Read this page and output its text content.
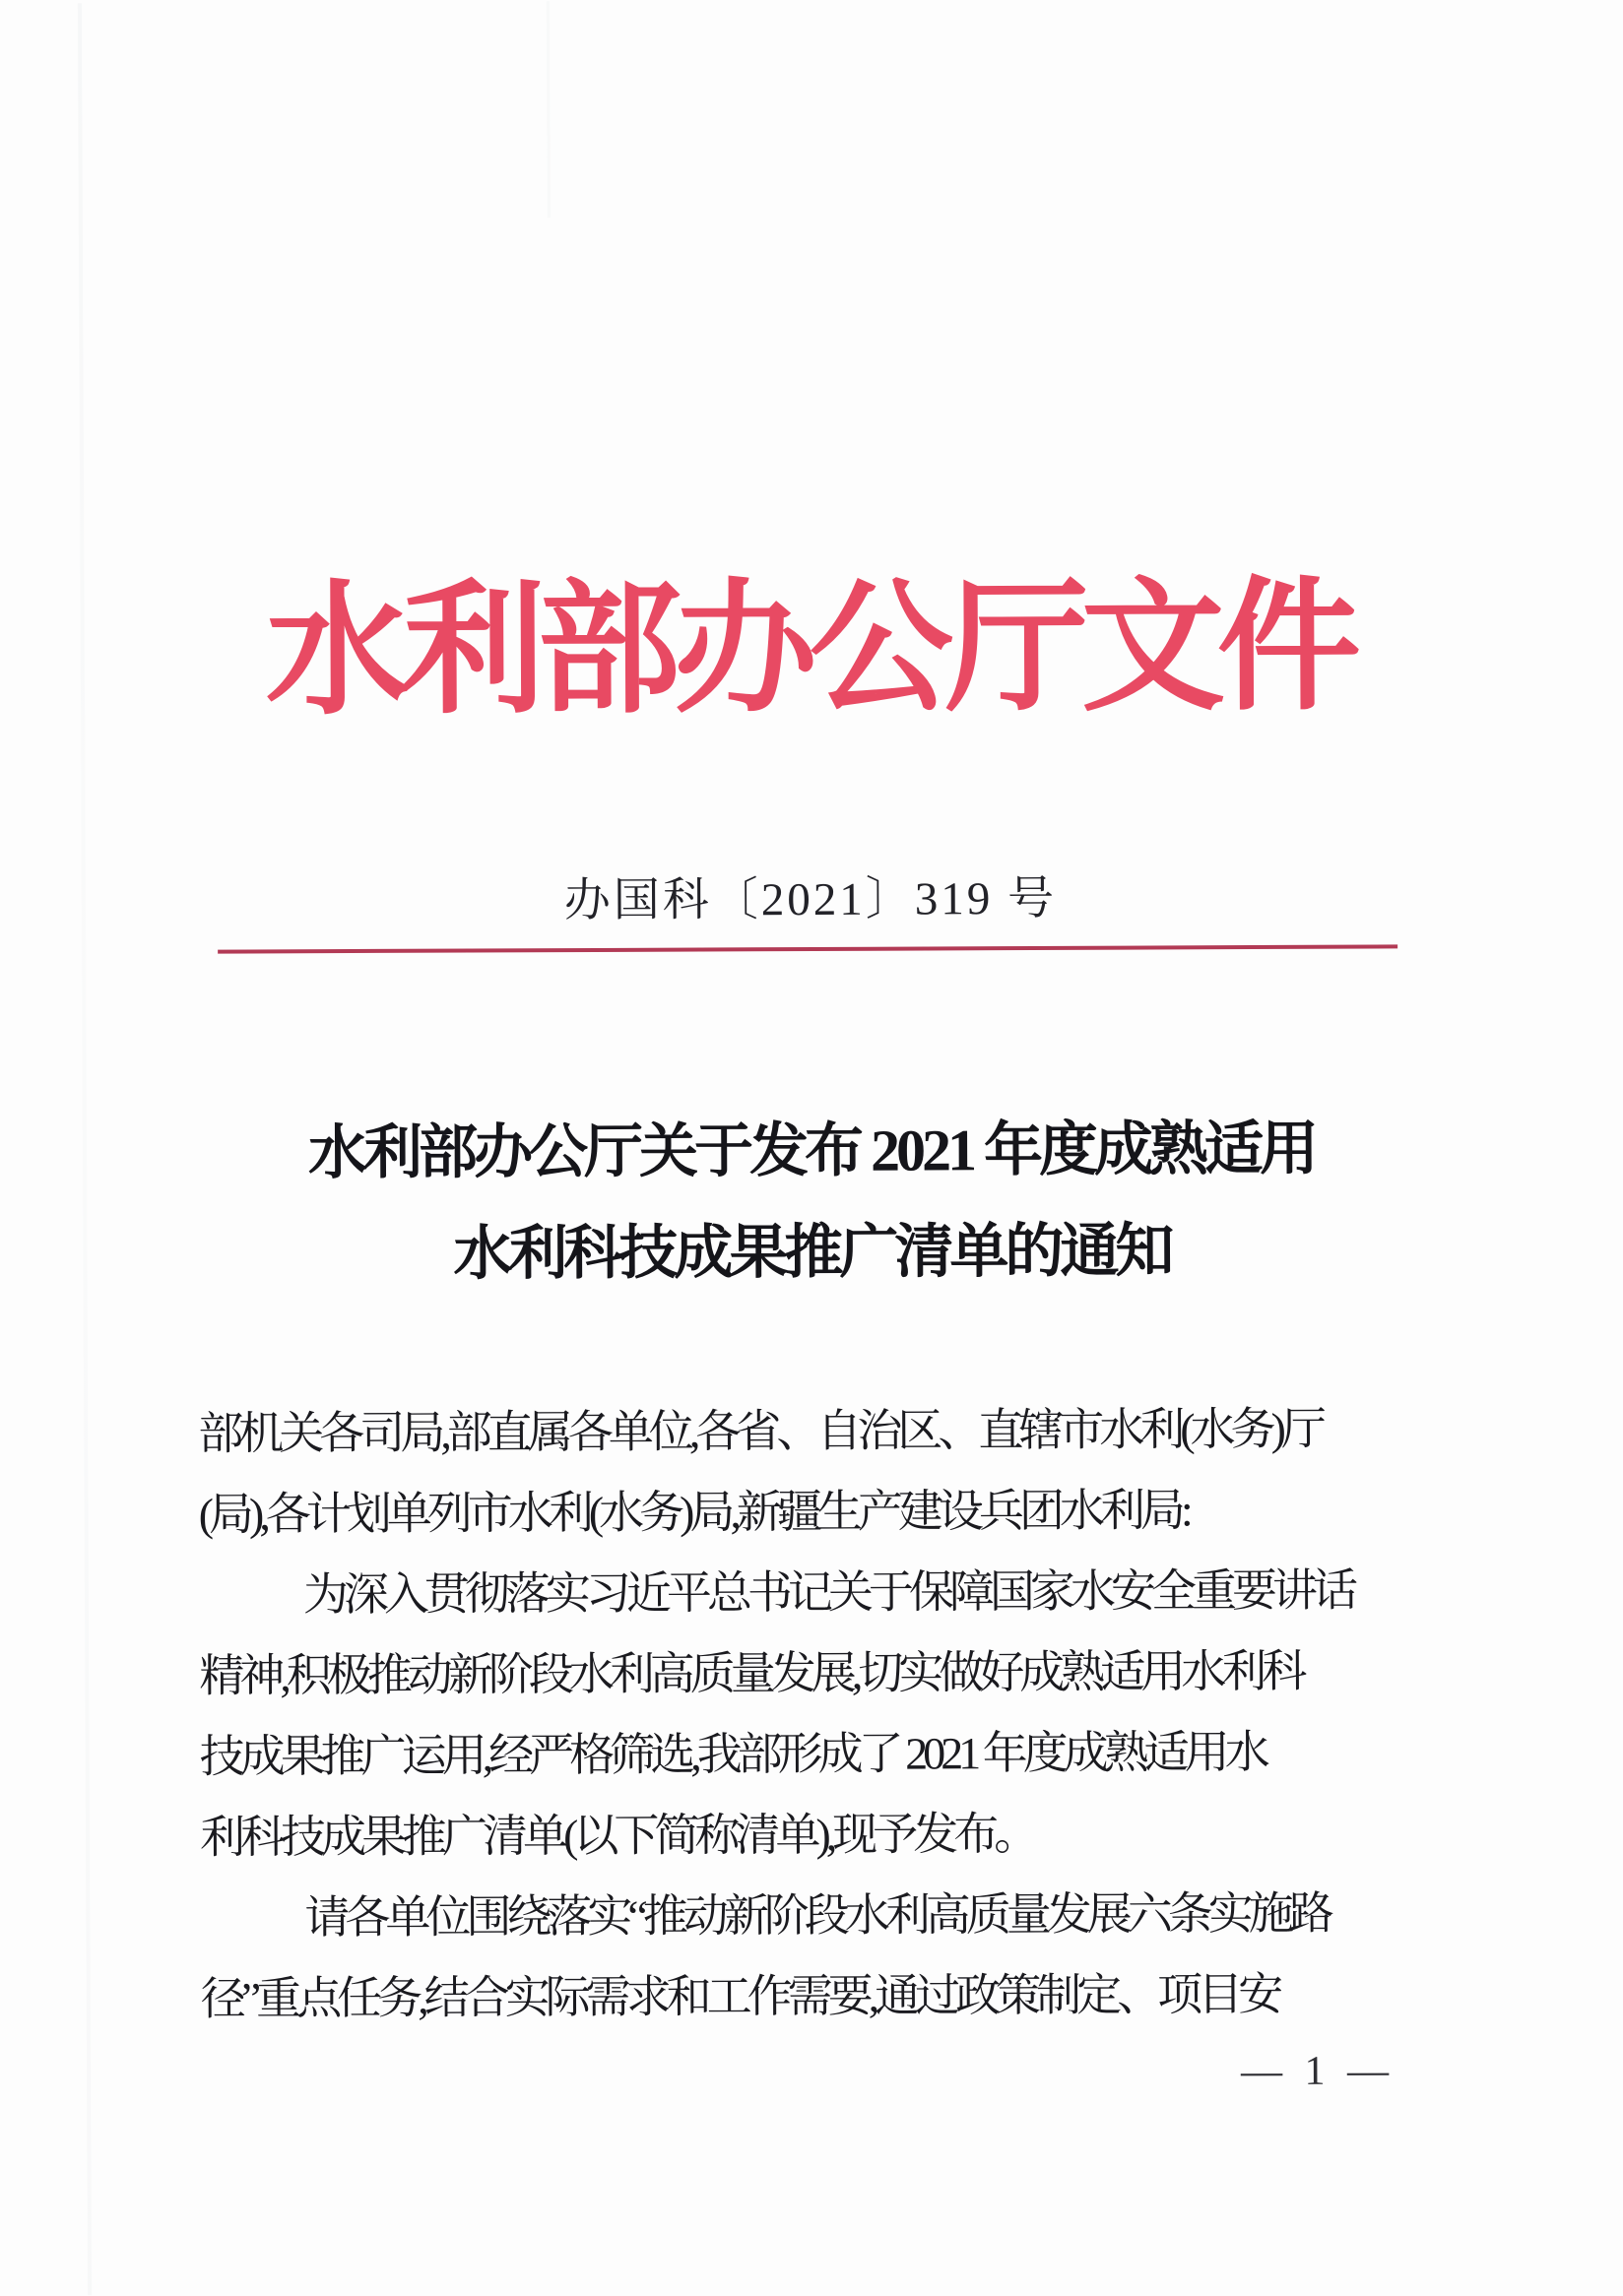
水利部办公厅文件
办国科〔2021〕319 号
水利部办公厅关于发布 2021 年度成熟适用
水利科技成果推广清单的通知
部机关各司局,部直属各单位,各省、自治区、直辖市水利(水务)厅
(局),各计划单列市水利(水务)局,新疆生产建设兵团水利局:
为深入贯彻落实习近平总书记关于保障国家水安全重要讲话
精神,积极推动新阶段水利高质量发展,切实做好成熟适用水利科
技成果推广运用,经严格筛选,我部形成了 2021 年度成熟适用水
利科技成果推广清单(以下简称清单),现予发布。
请各单位围绕落实“推动新阶段水利高质量发展六条实施路
径”重点任务,结合实际需求和工作需要,通过政策制定、项目安
— 1 —
